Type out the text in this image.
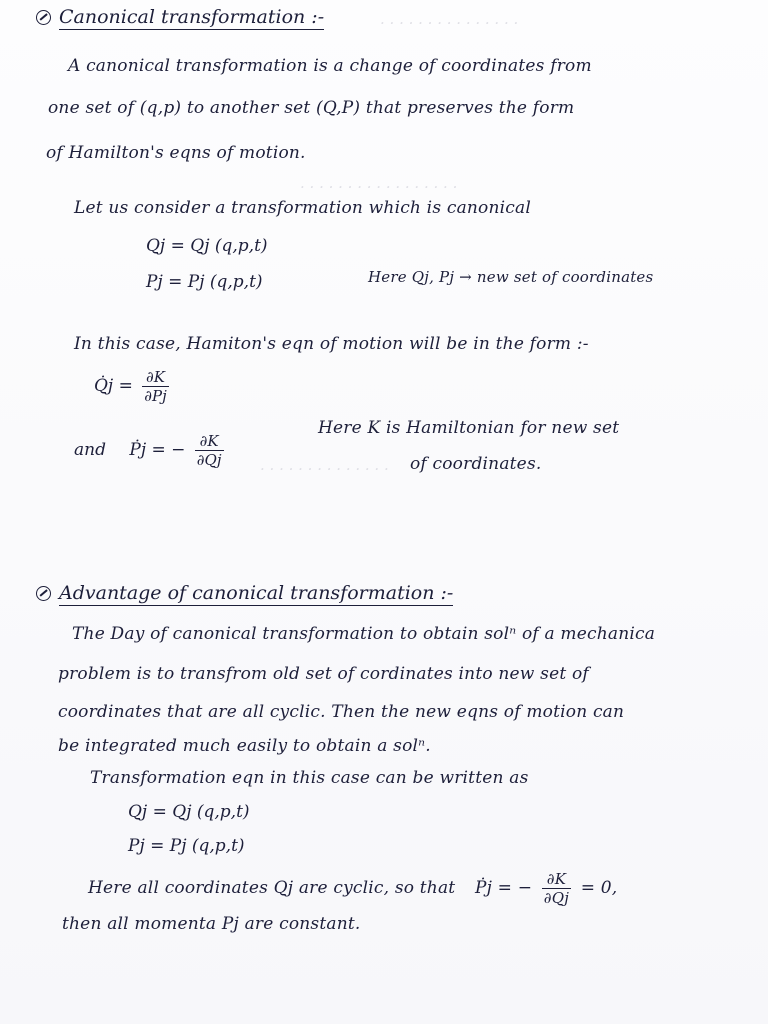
· · · · · · · · · · · · · · ·
· · · · · · · · · · · · · · · · ·
· · · · · · · · · · · · · ·
Canonical transformation :-
A canonical transformation is a change of coordinates from
one set of (q,p) to another set (Q,P) that preserves the form
of Hamilton's eqns of motion.
Let us consider a transformation which is canonical
Qj = Qj (q,p,t)
Pj = Pj (q,p,t)	Here Qj, Pj → new set of coordinates
In this case, Hamiton's eqn of motion will be in the form :-
Q̇j = $\frac{\partial K}{\partial Pj}$
Here K is Hamiltonian for new set
of coordinates.
and Ṗj = − $\frac{\partial K}{\partial Qj}$
Advantage of canonical transformation :-
The Day of canonical transformation to obtain solⁿ of a mechanica
problem is to transfrom old set of cordinates into new set of
coordinates that are all cyclic. Then the new eqns of motion can
be integrated much easily to obtain a solⁿ.
Transformation eqn in this case can be written as
Qj = Qj (q,p,t)
Pj = Pj (q,p,t)
Here all coordinates Qj are cyclic, so that Ṗj = − $\frac{\partial K}{\partial Qj} = 0$,
then all momenta Pj are constant.
